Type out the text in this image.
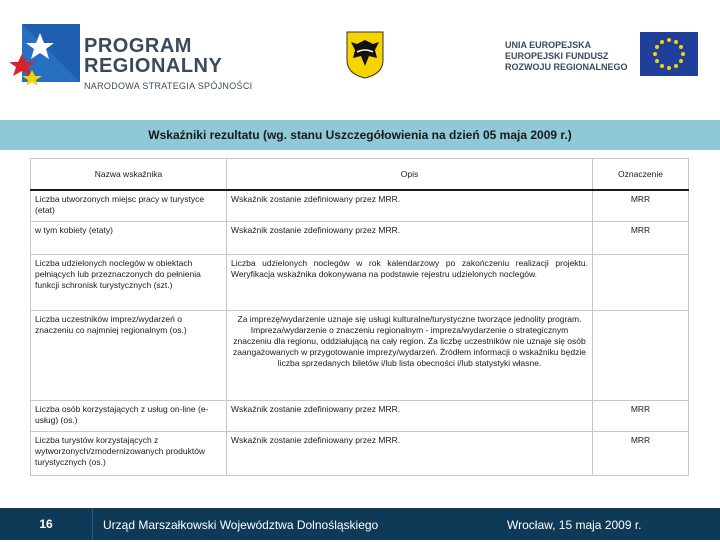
PROGRAM
REGIONALNY
NARODOWA STRATEGIA SPÓJNOŚCI
UNIA EUROPEJSKA
EUROPEJSKI FUNDUSZ
ROZWOJU REGIONALNEGO
Wskaźniki rezultatu (wg. stanu Uszczegółowienia na dzień 05 maja 2009 r.)
Nazwa wskaźnika	Opis	Oznaczenie
Liczba utworzonych miejsc pracy w turystyce (etat)	Wskaźnik zostanie zdefiniowany przez MRR.	MRR
w tym kobiety (etaty)	Wskaźnik zostanie zdefiniowany przez MRR.	MRR
Liczba udzielonych noclegów w obiektach pełniących lub przeznaczonych do pełnienia funkcji schronisk turystycznych (szt.)	Liczba udzielonych noclegów w rok kalendarzowy po zakończeniu realizacji projektu. Weryfikacja wskaźnika dokonywana na podstawie rejestru udzielonych noclegów.	
Liczba uczestników imprez/wydarzeń o znaczeniu co najmniej regionalnym (os.)	Za imprezę/wydarzenie uznaje się usługi kulturalne/turystyczne tworzące jednolity program. Impreza/wydarzenie o znaczeniu regionalnym - impreza/wydarzenie o strategicznym znaczeniu dla regionu, oddziałującą na cały region. Za liczbę uczestników nie uznaje się osób zaangażowanych w przygotowanie imprezy/wydarzeń. Źródłem informacji o wskaźniku będzie liczba sprzedanych biletów i/lub lista obecności i/lub statystyki własne.	
Liczba osób korzystających z usług on-line (e-usług) (os.)	Wskaźnik zostanie zdefiniowany przez MRR.	MRR
Liczba turystów korzystających z wytworzonych/zmodernizowanych produktów turystycznych (os.)	Wskaźnik zostanie zdefiniowany przez MRR.	MRR
16	Urząd Marszałkowski Województwa Dolnośląskiego	Wrocław, 15 maja 2009 r.
